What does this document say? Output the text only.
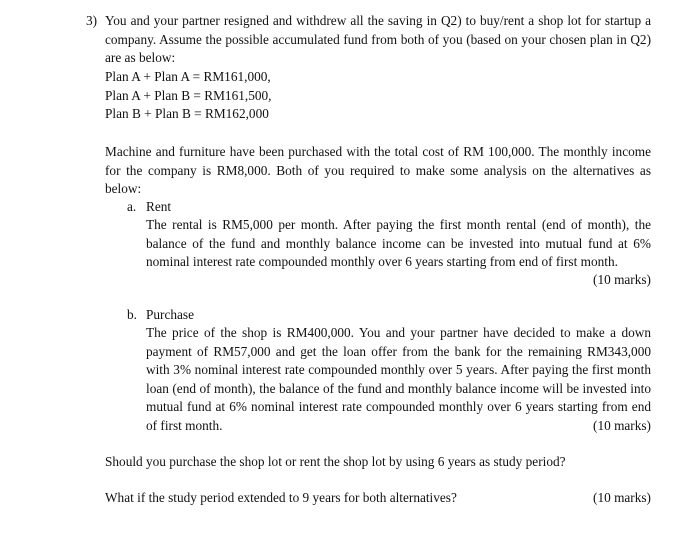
3) You and your partner resigned and withdrew all the saving in Q2) to buy/rent a shop lot for startup a company. Assume the possible accumulated fund from both of you (based on your chosen plan in Q2) are as below:

Plan A + Plan A = RM161,000,
Plan A + Plan B = RM161,500,
Plan B + Plan B = RM162,000

Machine and furniture have been purchased with the total cost of RM 100,000. The monthly income for the company is RM8,000. Both of you required to make some analysis on the alternatives as below:

a. Rent

The rental is RM5,000 per month. After paying the first month rental (end of month), the balance of the fund and monthly balance income can be invested into mutual fund at 6% nominal interest rate compounded monthly over 6 years starting from end of first month.

(10 marks)
b. Purchase

The price of the shop is RM400,000. You and your partner have decided to make a down payment of RM57,000 and get the loan offer from the bank for the remaining RM343,000 with 3% nominal interest rate compounded monthly over 5 years. After paying the first month loan (end of month), the balance of the fund and monthly balance income will be invested into mutual fund at 6% nominal interest rate compounded monthly over 6 years starting from end of first month.	(10 marks)

Should you purchase the shop lot or rent the shop lot by using 6 years as study period?

What if the study period extended to 9 years for both alternatives?	(10 marks)
